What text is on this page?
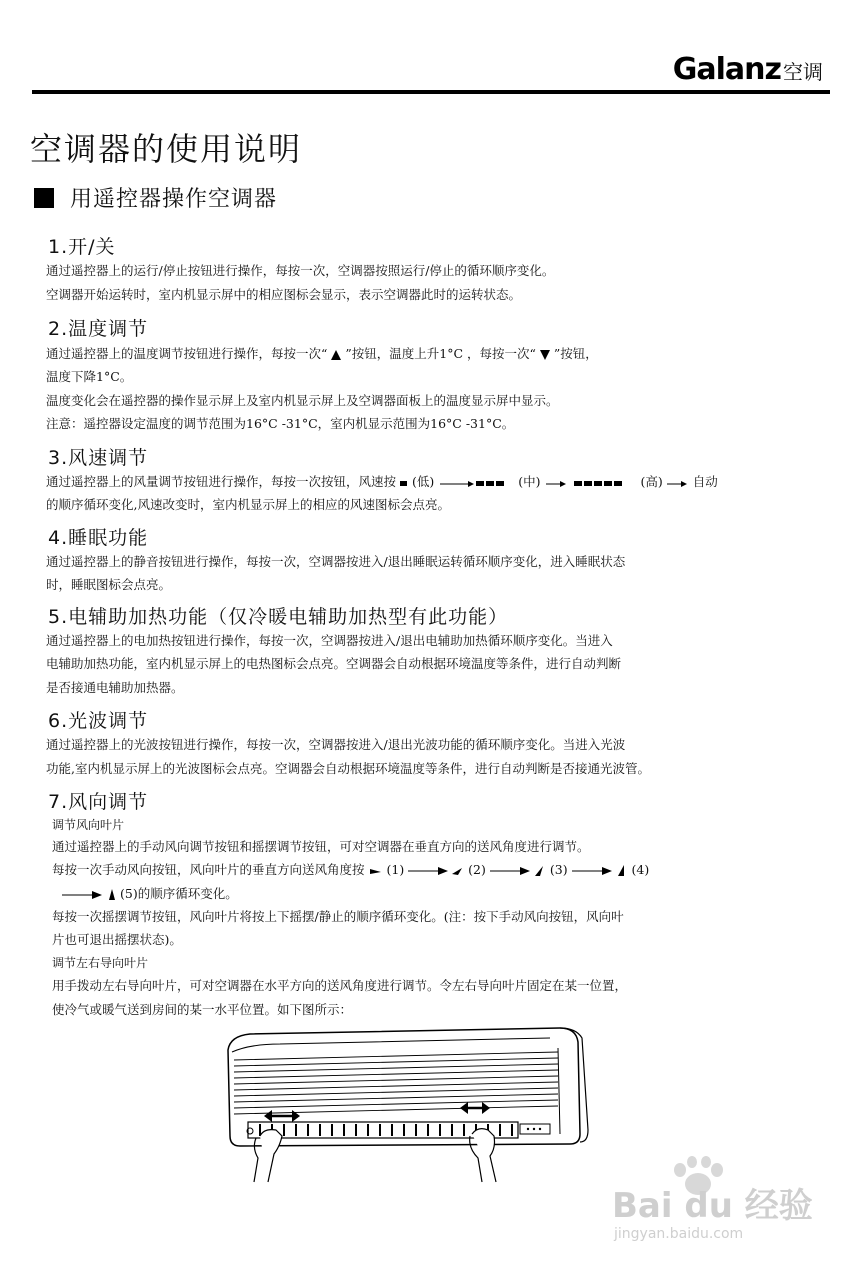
Galanz 空调
空调器的使用说明
用遥控器操作空调器
1.开/关
通过遥控器上的运行/停止按钮进行操作，每按一次，空调器按照运行/停止的循环顺序变化。
空调器开始运转时，室内机显示屏中的相应图标会显示，表示空调器此时的运转状态。
2.温度调节
通过遥控器上的温度调节按钮进行操作，每按一次“ ”按钮，温度上升1°C ，每按一次“ ”按钮，
温度下降1°C。
温度变化会在遥控器的操作显示屏上及室内机显示屏上及空调器面板上的温度显示屏中显示。
注意：遥控器设定温度的调节范围为16°C -31°C，室内机显示范围为16°C -31°C。
3.风速调节
通过遥控器上的风量调节按钮进行操作，每按一次按钮，风速按 (低)	(中)	(高) 自动
的顺序循环变化,风速改变时，室内机显示屏上的相应的风速图标会点亮。
4.睡眠功能
通过遥控器上的静音按钮进行操作，每按一次，空调器按进入/退出睡眠运转循环顺序变化，进入睡眠状态
时，睡眠图标会点亮。
5.电辅助加热功能（仅冷暖电辅助加热型有此功能）
通过遥控器上的电加热按钮进行操作，每按一次，空调器按进入/退出电辅助加热循环顺序变化。当进入
电辅助加热功能，室内机显示屏上的电热图标会点亮。空调器会自动根据环境温度等条件，进行自动判断
是否接通电辅助加热器。
6.光波调节
通过遥控器上的光波按钮进行操作，每按一次，空调器按进入/退出光波功能的循环顺序变化。当进入光波
功能,室内机显示屏上的光波图标会点亮。空调器会自动根据环境温度等条件，进行自动判断是否接通光波管。
7.风向调节
调节风向叶片
通过遥控器上的手动风向调节按钮和摇摆调节按钮，可对空调器在垂直方向的送风角度进行调节。
每按一次手动风向按钮，风向叶片的垂直方向送风角度按 (1)	(2)	(3)	(4)
(5)的顺序循环变化。
每按一次摇摆调节按钮，风向叶片将按上下摇摆/静止的顺序循环变化。(注：按下手动风向按钮，风向叶
片也可退出摇摆状态)。
调节左右导向叶片
用手拨动左右导向叶片，可对空调器在水平方向的送风角度进行调节。令左右导向叶片固定在某一位置，
使冷气或暖气送到房间的某一水平位置。如下图所示：
Bai du 经验
jingyan.baidu.com
